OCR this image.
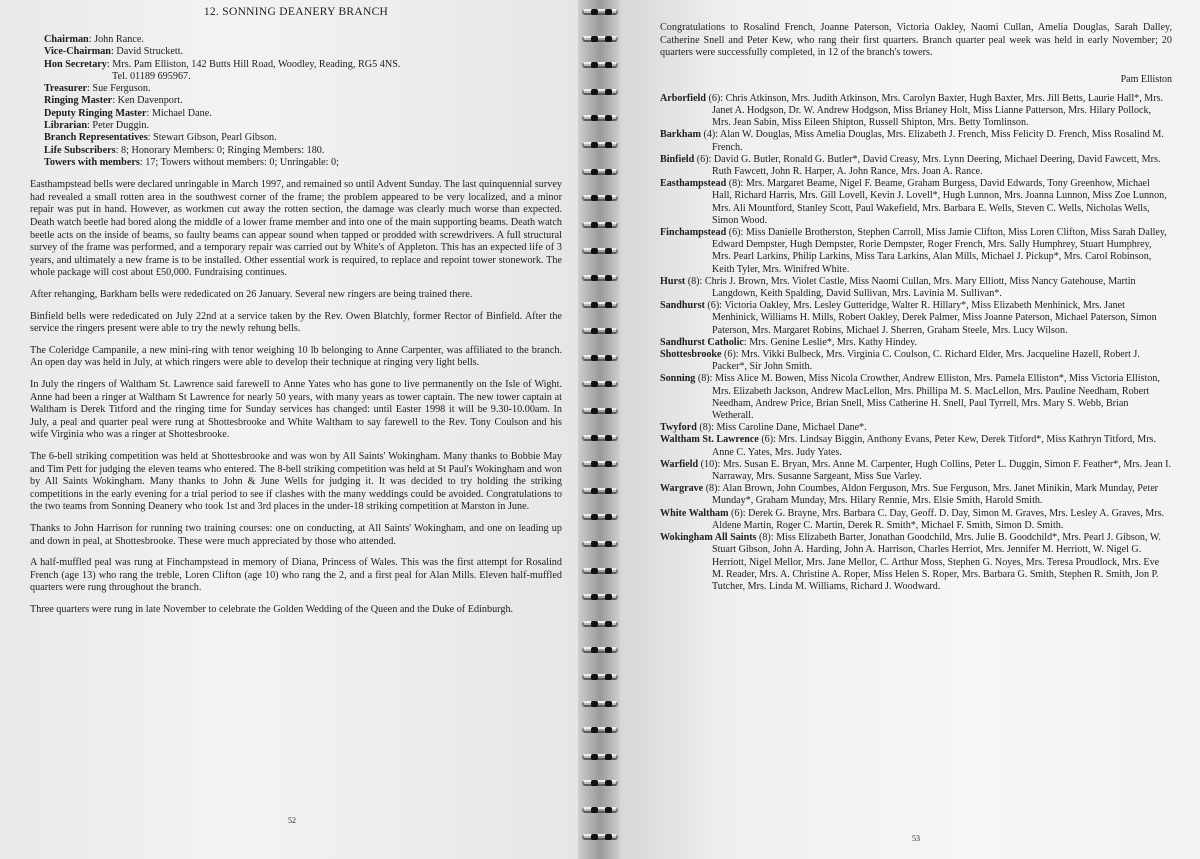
12. SONNING DEANERY BRANCH
Chairman: John Rance.
Vice-Chairman: David Struckett.
Hon Secretary: Mrs. Pam Elliston, 142 Butts Hill Road, Woodley, Reading, RG5 4NS.
Tel. 01189 695967.
Treasurer: Sue Ferguson.
Ringing Master: Ken Davenport.
Deputy Ringing Master: Michael Dane.
Librarian: Peter Duggin.
Branch Representatives: Stewart Gibson, Pearl Gibson.
Life Subscribers: 8; Honorary Members: 0; Ringing Members: 180.
Towers with members: 17; Towers without members: 0; Unringable: 0;

Easthampstead bells were declared unringable in March 1997, and remained so until Advent Sunday. The last quinquennial survey had revealed a small rotten area in the southwest corner of the frame; the problem appeared to be very localized, and a minor repair was put in hand. However, as workmen cut away the rotten section, the damage was clearly much worse than expected. Death watch beetle had bored along the middle of a lower frame member and into one of the main supporting beams. Death watch beetle acts on the inside of beams, so faulty beams can appear sound when tapped or prodded with screwdrivers. A full structural survey of the frame was performed, and a temporary repair was carried out by White's of Appleton. This has an expected life of 3 years, and ultimately a new frame is to be installed. Other essential work is required, to replace and repoint tower stonework. The whole package will cost about £50,000. Fundraising continues.

After rehanging, Barkham bells were rededicated on 26 January. Several new ringers are being trained there.

Binfield bells were rededicated on July 22nd at a service taken by the Rev. Owen Blatchly, former Rector of Binfield. After the service the ringers present were able to try the newly rehung bells.

The Coleridge Campanile, a new mini-ring with tenor weighing 10 lb belonging to Anne Carpenter, was affiliated to the branch. An open day was held in July, at which ringers were able to develop their technique at ringing very light bells.

In July the ringers of Waltham St. Lawrence said farewell to Anne Yates who has gone to live permanently on the Isle of Wight. Anne had been a ringer at Waltham St Lawrence for nearly 50 years, with many years as tower captain. The new tower captain at Waltham is Derek Titford and the ringing time for Sunday services has changed: until Easter 1998 it will be 9.30-10.00am. In July, a peal and quarter peal were rung at Shottesbrooke and White Waltham to say farewell to the Rev. Tony Coulson and his wife Virginia who was a ringer at Shottesbrooke.

The 6-bell striking competition was held at Shottesbrooke and was won by All Saints' Wokingham. Many thanks to Bobbie May and Tim Pett for judging the eleven teams who entered. The 8-bell striking competition was held at St Paul's Wokingham and won by All Saints Wokingham. Many thanks to John & June Wells for judging it. It was decided to try holding the striking competitions in the early evening for a trial period to see if clashes with the many weddings could be avoided. Congratulations to the two teams from Sonning Deanery who took 1st and 3rd places in the under-18 striking competition at Marston in June.

Thanks to John Harrison for running two training courses: one on conducting, at All Saints' Wokingham, and one on leading up and down in peal, at Shottesbrooke. These were much appreciated by those who attended.

A half-muffled peal was rung at Finchampstead in memory of Diana, Princess of Wales. This was the first attempt for Rosalind French (age 13) who rang the treble, Loren Clifton (age 10) who rang the 2, and a first peal for Alan Mills. Eleven half-muffled quarters were rung throughout the branch.

Three quarters were rung in late November to celebrate the Golden Wedding of the Queen and the Duke of Edinburgh.

52

Congratulations to Rosalind French, Joanne Paterson, Victoria Oakley, Naomi Cullan, Amelia Douglas, Sarah Dalley, Catherine Snell and Peter Kew, who rang their first quarters. Branch quarter peal week was held in early November; 20 quarters were successfully completed, in 12 of the branch's towers.

Pam Elliston

Arborfield (6): Chris Atkinson, Mrs. Judith Atkinson, Mrs. Carolyn Baxter, Hugh Baxter, Mrs. Jill Betts, Laurie Hall*, Mrs. Janet A. Hodgson, Dr. W. Andrew Hodgson, Miss Brianey Holt, Miss Lianne Patterson, Mrs. Hilary Pollock, Mrs. Jean Sabin, Miss Eileen Shipton, Russell Shipton, Mrs. Betty Tomlinson.

Barkham (4): Alan W. Douglas, Miss Amelia Douglas, Mrs. Elizabeth J. French, Miss Felicity D. French, Miss Rosalind M. French.

Binfield (6): David G. Butler, Ronald G. Butler*, David Creasy, Mrs. Lynn Deering, Michael Deering, David Fawcett, Mrs. Ruth Fawcett, John R. Harper, A. John Rance, Mrs. Joan A. Rance.

Easthampstead (8): Mrs. Margaret Beame, Nigel F. Beame, Graham Burgess, David Edwards, Tony Greenhow, Michael Hall, Richard Harris, Mrs. Gill Lovell, Kevin J. Lovell*, Hugh Lunnon, Mrs. Joanna Lunnon, Miss Zoe Lunnon, Mrs. Ali Mountford, Stanley Scott, Paul Wakefield, Mrs. Barbara E. Wells, Steven C. Wells, Nicholas Wells, Simon Wood.

Finchampstead (6): Miss Danielle Brotherston, Stephen Carroll, Miss Jamie Clifton, Miss Loren Clifton, Miss Sarah Dalley, Edward Dempster, Hugh Dempster, Rorie Dempster, Roger French, Mrs. Sally Humphrey, Stuart Humphrey, Mrs. Pearl Larkins, Philip Larkins, Miss Tara Larkins, Alan Mills, Michael J. Pickup*, Mrs. Carol Robinson, Keith Tyler, Mrs. Winifred White.

Hurst (8): Chris J. Brown, Mrs. Violet Castle, Miss Naomi Cullan, Mrs. Mary Elliott, Miss Nancy Gatehouse, Martin Langdown, Keith Spalding, David Sullivan, Mrs. Lavinia M. Sullivan*.

Sandhurst (6): Victoria Oakley, Mrs. Lesley Gutteridge, Walter R. Hillary*, Miss Elizabeth Menhinick, Mrs. Janet Menhinick, Williams H. Mills, Robert Oakley, Derek Palmer, Miss Joanne Paterson, Michael Paterson, Simon Paterson, Mrs. Margaret Robins, Michael J. Sherren, Graham Steele, Mrs. Lucy Wilson.

Sandhurst Catholic: Mrs. Genine Leslie*, Mrs. Kathy Hindey.

Shottesbrooke (6): Mrs. Vikki Bulbeck, Mrs. Virginia C. Coulson, C. Richard Elder, Mrs. Jacqueline Hazell, Robert J. Packer*, Sir John Smith.

Sonning (8): Miss Alice M. Bowen, Miss Nicola Crowther, Andrew Elliston, Mrs. Pamela Elliston*, Miss Victoria Elliston, Mrs. Elizabeth Jackson, Andrew MacLellon, Mrs. Phillipa M. S. MacLellon, Mrs. Pauline Needham, Robert Needham, Andrew Price, Brian Snell, Miss Catherine H. Snell, Paul Tyrrell, Mrs. Mary S. Webb, Brian Wetherall.

Twyford (8): Miss Caroline Dane, Michael Dane*.

Waltham St. Lawrence (6): Mrs. Lindsay Biggin, Anthony Evans, Peter Kew, Derek Titford*, Miss Kathryn Titford, Mrs. Anne C. Yates, Mrs. Judy Yates.

Warfield (10): Mrs. Susan E. Bryan, Mrs. Anne M. Carpenter, Hugh Collins, Peter L. Duggin, Simon F. Feather*, Mrs. Jean I. Narraway, Mrs. Susanne Sargeant, Miss Sue Varley.

Wargrave (8): Alan Brown, John Coumbes, Aldon Ferguson, Mrs. Sue Ferguson, Mrs. Janet Minikin, Mark Munday, Peter Munday*, Graham Munday, Mrs. Hilary Rennie, Mrs. Elsie Smith, Harold Smith.

White Waltham (6): Derek G. Brayne, Mrs. Barbara C. Day, Geoff. D. Day, Simon M. Graves, Mrs. Lesley A. Graves, Mrs. Aldene Martin, Roger C. Martin, Derek R. Smith*, Michael F. Smith, Simon D. Smith.

Wokingham All Saints (8): Miss Elizabeth Barter, Jonathan Goodchild, Mrs. Julie B. Goodchild*, Mrs. Pearl J. Gibson, W. Stuart Gibson, John A. Harding, John A. Harrison, Charles Herriot, Mrs. Jennifer M. Herriott, W. Nigel G. Herriott, Nigel Mellor, Mrs. Jane Mellor, C. Arthur Moss, Stephen G. Noyes, Mrs. Teresa Proudlock, Mrs. Eve M. Reader, Mrs. A. Christine A. Roper, Miss Helen S. Roper, Mrs. Barbara G. Smith, Stephen R. Smith, Jon P. Tutcher, Mrs. Linda M. Williams, Richard J. Woodward.

53
